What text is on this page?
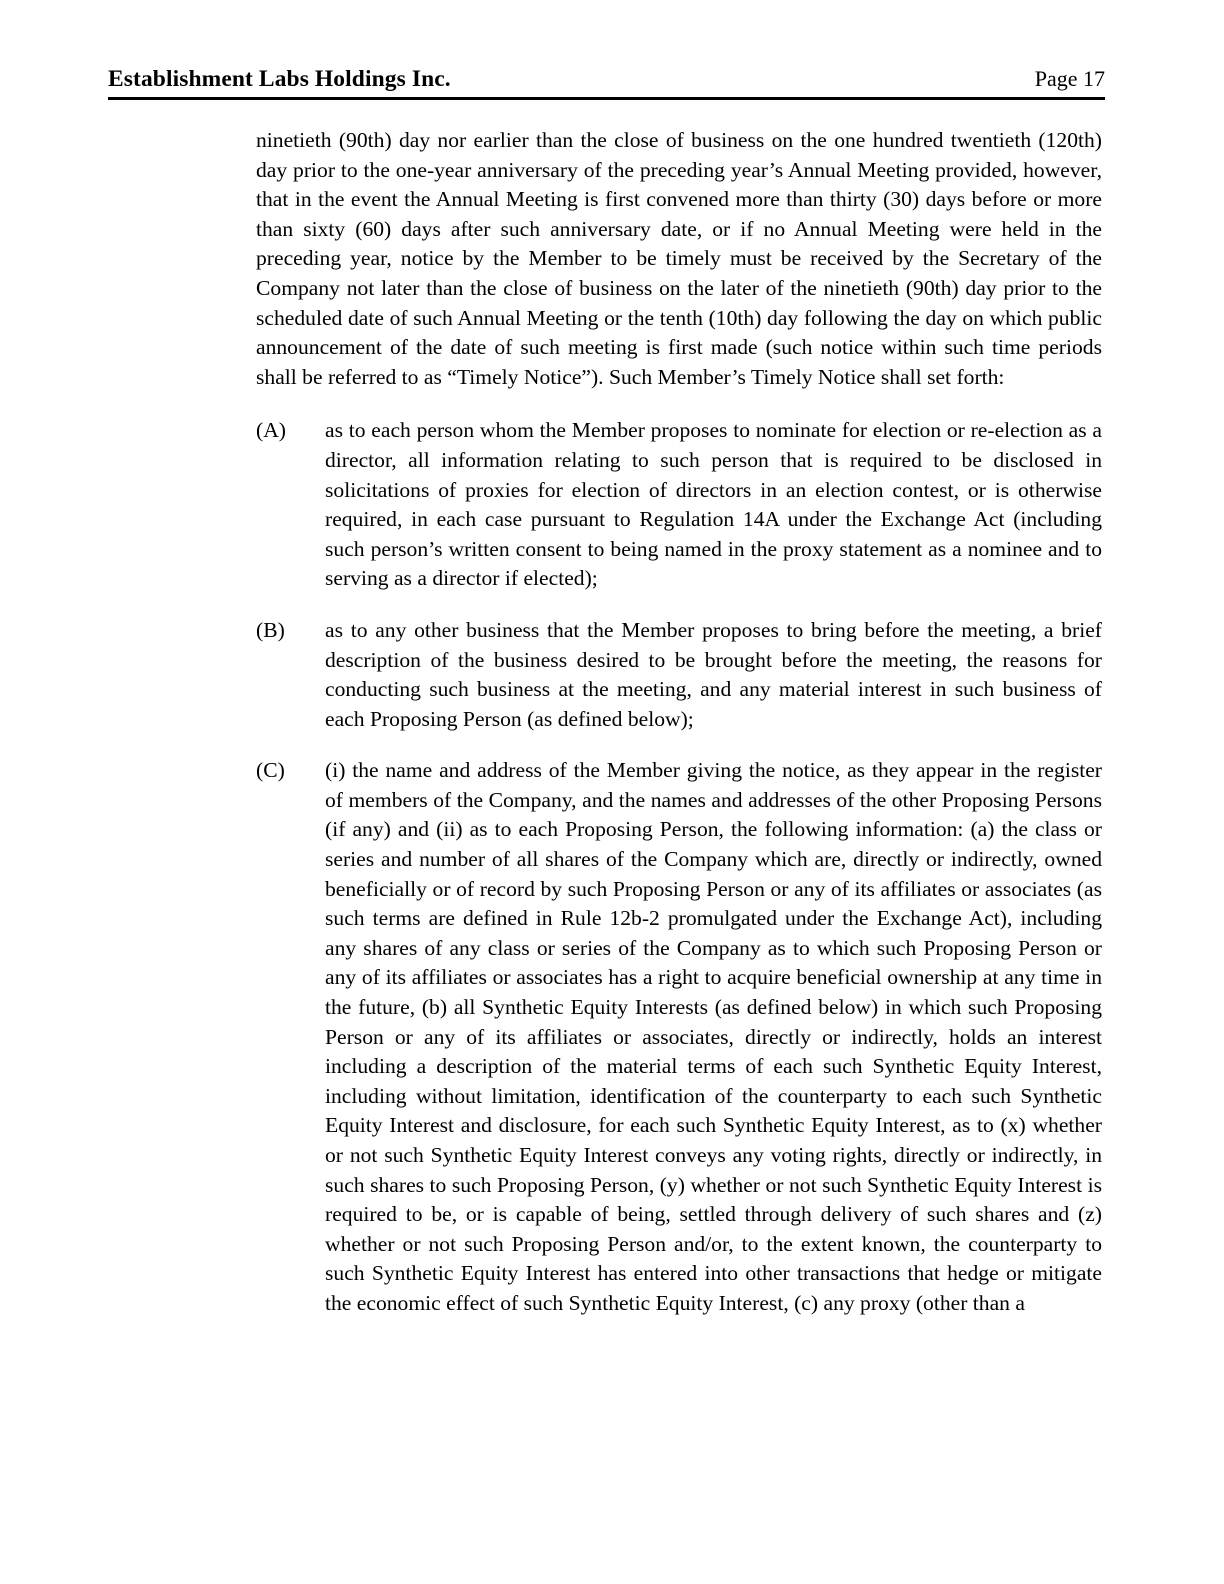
Establishment Labs Holdings Inc.	Page 17

ninetieth (90th) day nor earlier than the close of business on the one hundred twentieth (120th) day prior to the one-year anniversary of the preceding year’s Annual Meeting provided, however, that in the event the Annual Meeting is first convened more than thirty (30) days before or more than sixty (60) days after such anniversary date, or if no Annual Meeting were held in the preceding year, notice by the Member to be timely must be received by the Secretary of the Company not later than the close of business on the later of the ninetieth (90th) day prior to the scheduled date of such Annual Meeting or the tenth (10th) day following the day on which public announcement of the date of such meeting is first made (such notice within such time periods shall be referred to as “Timely Notice”). Such Member’s Timely Notice shall set forth:

(A)	as to each person whom the Member proposes to nominate for election or re-election as a director, all information relating to such person that is required to be disclosed in solicitations of proxies for election of directors in an election contest, or is otherwise required, in each case pursuant to Regulation 14A under the Exchange Act (including such person’s written consent to being named in the proxy statement as a nominee and to serving as a director if elected);

(B)	as to any other business that the Member proposes to bring before the meeting, a brief description of the business desired to be brought before the meeting, the reasons for conducting such business at the meeting, and any material interest in such business of each Proposing Person (as defined below);

(C)	(i) the name and address of the Member giving the notice, as they appear in the register of members of the Company, and the names and addresses of the other Proposing Persons (if any) and (ii) as to each Proposing Person, the following information: (a) the class or series and number of all shares of the Company which are, directly or indirectly, owned beneficially or of record by such Proposing Person or any of its affiliates or associates (as such terms are defined in Rule 12b-2 promulgated under the Exchange Act), including any shares of any class or series of the Company as to which such Proposing Person or any of its affiliates or associates has a right to acquire beneficial ownership at any time in the future, (b) all Synthetic Equity Interests (as defined below) in which such Proposing Person or any of its affiliates or associates, directly or indirectly, holds an interest including a description of the material terms of each such Synthetic Equity Interest, including without limitation, identification of the counterparty to each such Synthetic Equity Interest and disclosure, for each such Synthetic Equity Interest, as to (x) whether or not such Synthetic Equity Interest conveys any voting rights, directly or indirectly, in such shares to such Proposing Person, (y) whether or not such Synthetic Equity Interest is required to be, or is capable of being, settled through delivery of such shares and (z) whether or not such Proposing Person and/or, to the extent known, the counterparty to such Synthetic Equity Interest has entered into other transactions that hedge or mitigate the economic effect of such Synthetic Equity Interest, (c) any proxy (other than a
